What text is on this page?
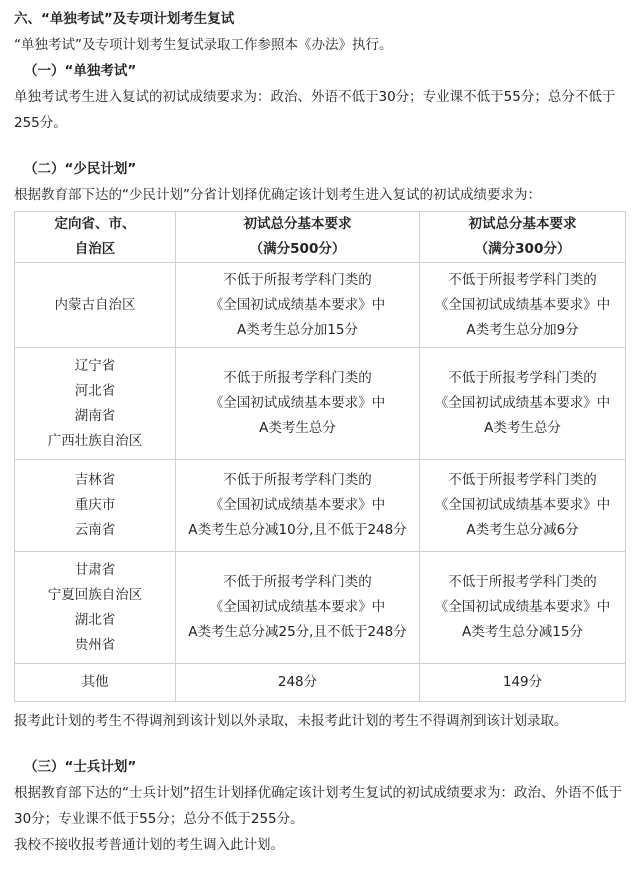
六、“单独考试”及专项计划考生复试
“单独考试”及专项计划考生复试录取工作参照本《办法》执行。
（一）“单独考试”
单独考试考生进入复试的初试成绩要求为：政治、外语不低于30分；专业课不低于55分；总分不低于255分。
（二）“少民计划”
根据教育部下达的“少民计划”分省计划择优确定该计划考生进入复试的初试成绩要求为：
定向省、市、
自治区	初试总分基本要求
（满分500分）	初试总分基本要求
（满分300分）

内蒙古自治区	不低于所报考学科门类的
《全国初试成绩基本要求》中
A类考生总分加15分	不低于所报考学科门类的
《全国初试成绩基本要求》中
A类考生总分加9分

辽宁省
河北省
湖南省
广西壮族自治区	不低于所报考学科门类的
《全国初试成绩基本要求》中
A类考生总分	不低于所报考学科门类的
《全国初试成绩基本要求》中
A类考生总分

吉林省
重庆市
云南省	不低于所报考学科门类的
《全国初试成绩基本要求》中
A类考生总分减10分,且不低于248分	不低于所报考学科门类的
《全国初试成绩基本要求》中
A类考生总分减6分

甘肃省
宁夏回族自治区
湖北省
贵州省	不低于所报考学科门类的
《全国初试成绩基本要求》中
A类考生总分减25分,且不低于248分	不低于所报考学科门类的
《全国初试成绩基本要求》中
A类考生总分减15分

其他	248分	149分
报考此计划的考生不得调剂到该计划以外录取，未报考此计划的考生不得调剂到该计划录取。
（三）“士兵计划”
根据教育部下达的“士兵计划”招生计划择优确定该计划考生复试的初试成绩要求为：政治、外语不低于30分；专业课不低于55分；总分不低于255分。
我校不接收报考普通计划的考生调入此计划。
